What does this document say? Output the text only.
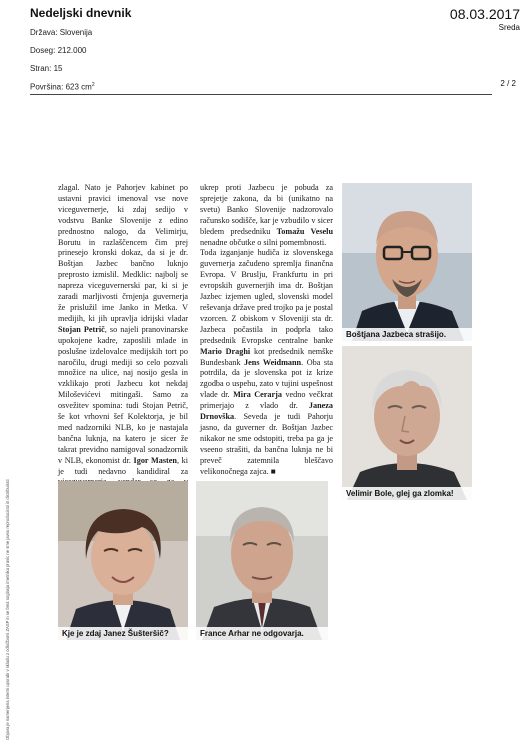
Nedeljski dnevnik	08.03.2017
Sreda
Država: Slovenija
Doseg: 212.000
Stran: 15
Površina: 623 $cm^2$	2 / 2

zlagal. Nato je Pahorjev kabinet po ustavni pravici imenoval vse nove viceguvernerje, ki zdaj sedijo v vodstvu Banke Slovenije z edino prednostno nalogo, da Velimirju, Borutu in razlaščencem čim prej prinesejo kronski dokaz, da si je dr. Boštjan Jazbec bančno luknjo preprosto izmislil. Medklic: najbolj se napreza viceguvernerski par, ki si je zaradi marljivosti črnjenja guvernerja že prislužil ime Janko in Metka. V medijih, ki jih upravlja idrijski vladar Stojan Petrič, so najeli pranovinarske upokojene kadre, zaposlili mlade in poslušne izdelovalce medijskih tort po naročilu, drugi mediji so celo pozvali množice na ulice, naj nosijo gesla in vzklikajo proti Jazbecu kot nekdaj Miloševićevi mitingaši. Samo za osvežitev spomina: tudi Stojan Petrič, še kot vrhovni šef Kolektorja, je bil med nadzorniki NLB, ko je nastajala bančna luknja, na katero je sicer že takrat previdno namigoval sonadzornik v NLB, ekonomist dr. Igor Masten, ki je tudi nedavno kandidiral za

ukrep proti Jazbecu je pobuda za sprejetje zakona, da bi (unikatno na svetu) Banko Slovenije nadzorovalo računsko sodišče, kar je vzbudilo v sicer bledem predsedniku Tomažu Veselu nenadne občutke o silni pomembnosti.

Toda izganjanje hudiča iz slovenskega guvernerja začudeno spremlja finančna Evropa. V Bruslju, Frankfurtu in pri evropskih guvernerjih ima dr. Boštjan Jazbec izjemen ugled, slovenski model reševanja države pred trojko pa je postal vzorcen. Z obiskom v Sloveniji sta dr. Jazbeca počastila in podprla tako predsednik Evropske centralne banke Mario Draghi kot predsednik nemške Bundesbank Jens Weidmann. Oba sta potrdila, da je slovenska pot iz krize zgodba o uspehu, zato v tujini uspešnost vlade dr. Mira Cerarja vedno večkrat primerjajo z vlado dr. Janeza Drnovška. Seveda je tudi Pahorju jasno, da guverner dr. Boštjan Jazbec nikakor ne sme odstopiti, treba pa ga je vseeno strašiti, da bančna luknja ne bi preveč zatemnila bleščavo velikonočnega zajca. ■

Boštjana Jazbeca strašijo.
Velimir Bole, glej ga zlomka!
Kje je zdaj Janez Šušteršič?	France Arhar ne odgovarja.
Objava je namenjena interni uporabi v skladu z odločbami ZASP in se brez soglasja imetnika pravic ne sme javno reproducirati in distribuirati
